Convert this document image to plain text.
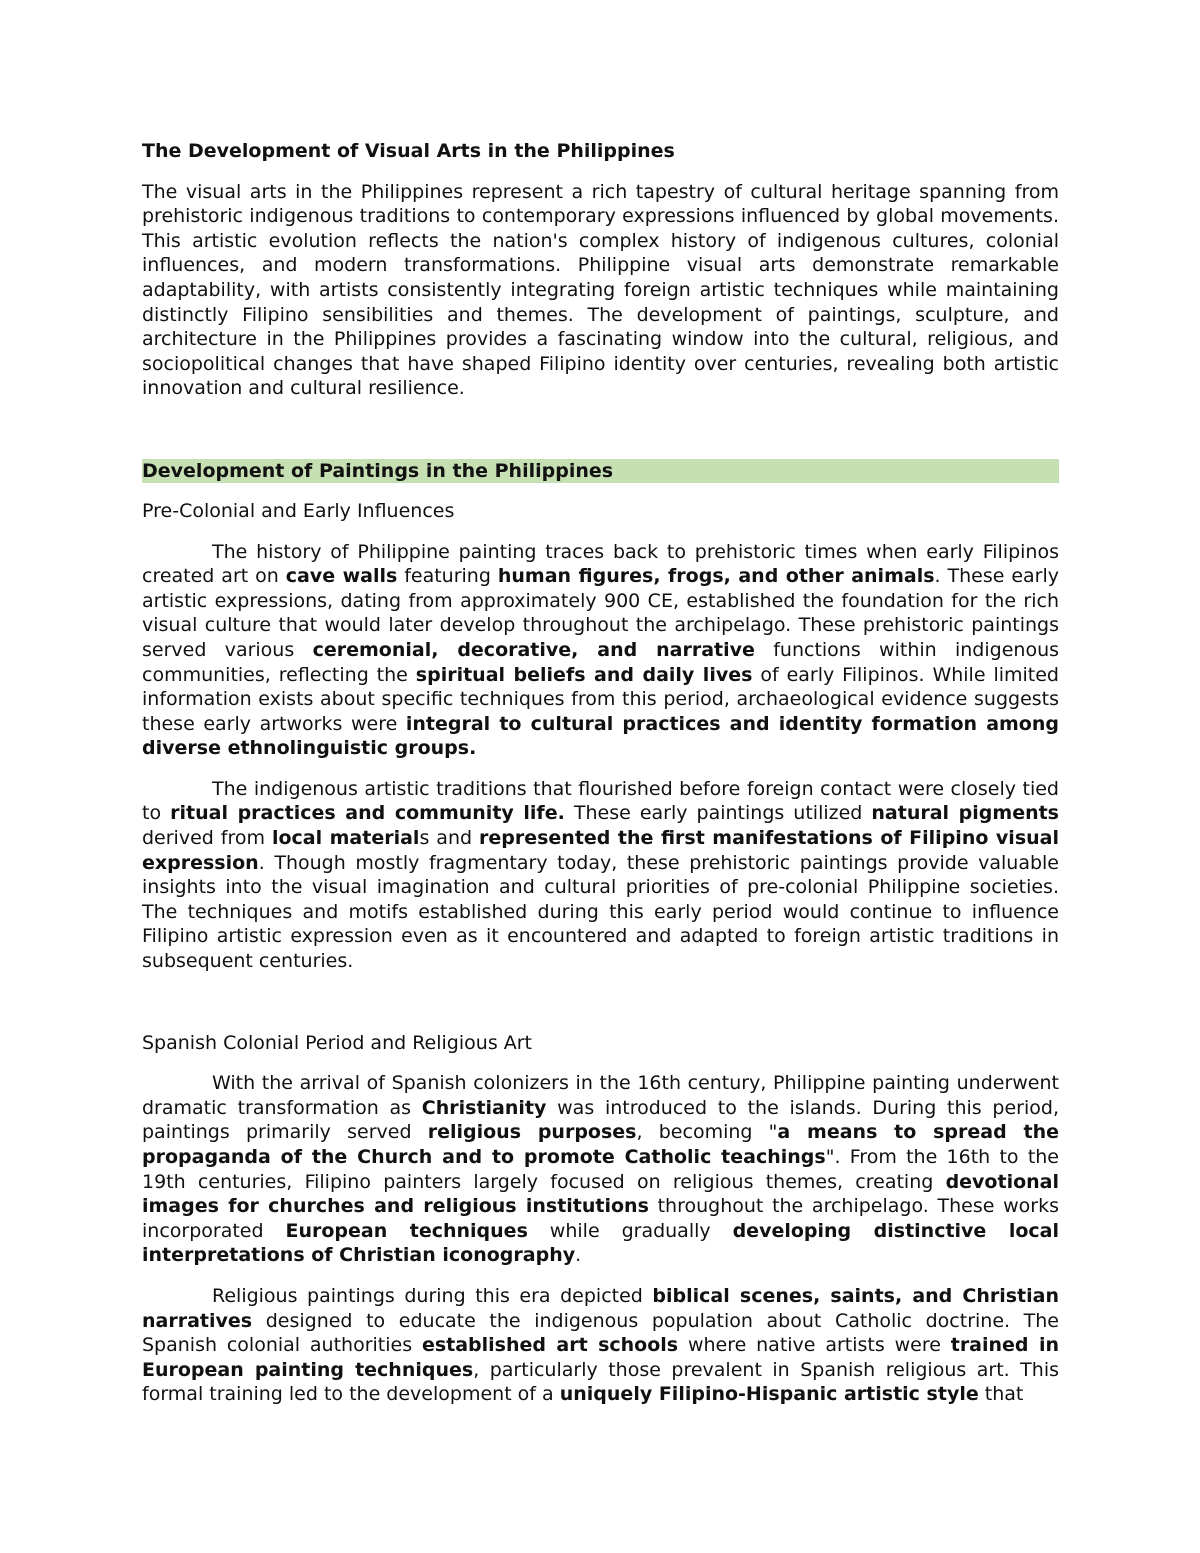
The Development of Visual Arts in the Philippines

The visual arts in the Philippines represent a rich tapestry of cultural heritage spanning from prehistoric indigenous traditions to contemporary expressions influenced by global movements. This artistic evolution reflects the nation's complex history of indigenous cultures, colonial influences, and modern transformations. Philippine visual arts demonstrate remarkable adaptability, with artists consistently integrating foreign artistic techniques while maintaining distinctly Filipino sensibilities and themes. The development of paintings, sculpture, and architecture in the Philippines provides a fascinating window into the cultural, religious, and sociopolitical changes that have shaped Filipino identity over centuries, revealing both artistic innovation and cultural resilience.

Development of Paintings in the Philippines
Pre-Colonial and Early Influences

The history of Philippine painting traces back to prehistoric times when early Filipinos created art on cave walls featuring human figures, frogs, and other animals. These early artistic expressions, dating from approximately 900 CE, established the foundation for the rich visual culture that would later develop throughout the archipelago. These prehistoric paintings served various ceremonial, decorative, and narrative functions within indigenous communities, reflecting the spiritual beliefs and daily lives of early Filipinos. While limited information exists about specific techniques from this period, archaeological evidence suggests these early artworks were integral to cultural practices and identity formation among diverse ethnolinguistic groups.

The indigenous artistic traditions that flourished before foreign contact were closely tied to ritual practices and community life. These early paintings utilized natural pigments derived from local materials and represented the first manifestations of Filipino visual expression. Though mostly fragmentary today, these prehistoric paintings provide valuable insights into the visual imagination and cultural priorities of pre-colonial Philippine societies. The techniques and motifs established during this early period would continue to influence Filipino artistic expression even as it encountered and adapted to foreign artistic traditions in subsequent centuries.

Spanish Colonial Period and Religious Art

With the arrival of Spanish colonizers in the 16th century, Philippine painting underwent dramatic transformation as Christianity was introduced to the islands. During this period, paintings primarily served religious purposes, becoming "a means to spread the propaganda of the Church and to promote Catholic teachings". From the 16th to the 19th centuries, Filipino painters largely focused on religious themes, creating devotional images for churches and religious institutions throughout the archipelago. These works incorporated European techniques while gradually developing distinctive local interpretations of Christian iconography.

Religious paintings during this era depicted biblical scenes, saints, and Christian narratives designed to educate the indigenous population about Catholic doctrine. The Spanish colonial authorities established art schools where native artists were trained in European painting techniques, particularly those prevalent in Spanish religious art. This formal training led to the development of a uniquely Filipino-Hispanic artistic style that
